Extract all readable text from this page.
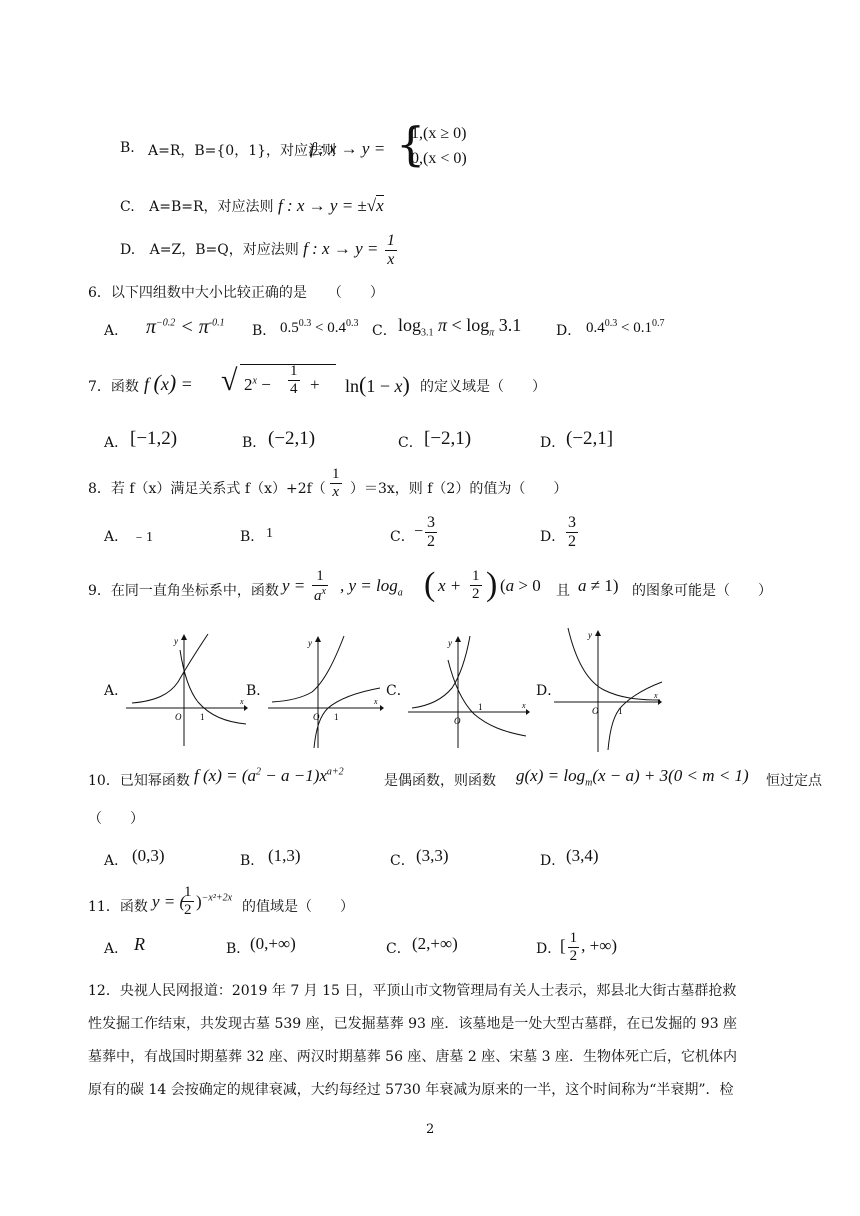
B. A=R，B={0，1}，对应法则
f : x → y = {
1,(x ≥ 0)
0,(x < 0)
C. A=B=R，对应法则 f : x → y = ±√x
D. A=Z，B=Q，对应法则 f : $x \to y = \frac{1}{x}$
6．以下四组数中大小比较正确的是　　（　　）
A． $\pi^{-0.2} < \pi^{-0.1}$
B． $0.5^{0.3} < 0.4^{0.3}$ C． $\log_{3.1} \pi < \log_\pi 3.1$ D． $0.4^{0.3} < 0.1^{0.7}$
7．函数 f (x) = √ $2^x - \frac{1}{4} + \ln(1 - x)$ 的定义域是（　　）
A． [−1,2)	B． (−2,1)	C． [−2,1)	D． (−2,1]
8．若 f（x）满足关系式 $f(x)+2f( \frac{1}{x} )=3x$，则 f（2）的值为（　　）
A． ﹣1	B． 1	C． − $\frac{3}{2}$	D． $\frac{3}{2}$
9．在同一直角坐标系中，函数 $y = \frac{1}{a^x}$ , $y = \log_a$ ( $x + \frac{1}{2}$ ) (a > 0 且 a ≠ 1) 的图象可能是（　　）
A．	B．	C．	D．
y
x
O 1
y
x
O 1
y
x
O
1
y
x
O 1
10．已知幂函数 f $(x) = (a^2 - a -1)x^{a+2}$
是偶函数，则函数 $g(x) = \log_m(x - a) + 3(0 < m < 1)$ 恒过定点
（　　）
A． (0,3)	B． (1,3)	C． (3,3)	D． (3,4)
11．函数 y = (
$\frac{1}{2} )^{-x^2+2x}$
的值域是（　　）
A． R	B． (0,+∞)	C． (2,+∞)	D．
[ $\frac{1}{2}$ , +∞)
12．央视人民网报道：2019 年 7 月 15 日，平顶山市文物管理局有关人士表示，郏县北大街古墓群抢救
性发掘工作结束，共发现古墓 539 座，已发掘墓葬 93 座．该墓地是一处大型古墓群，在已发掘的 93 座
墓葬中，有战国时期墓葬 32 座、两汉时期墓葬 56 座、唐墓 2 座、宋墓 3 座．生物体死亡后，它机体内
原有的碳 14 会按确定的规律衰减，大约每经过 5730 年衰减为原来的一半，这个时间称为“半衰期”．检
2
